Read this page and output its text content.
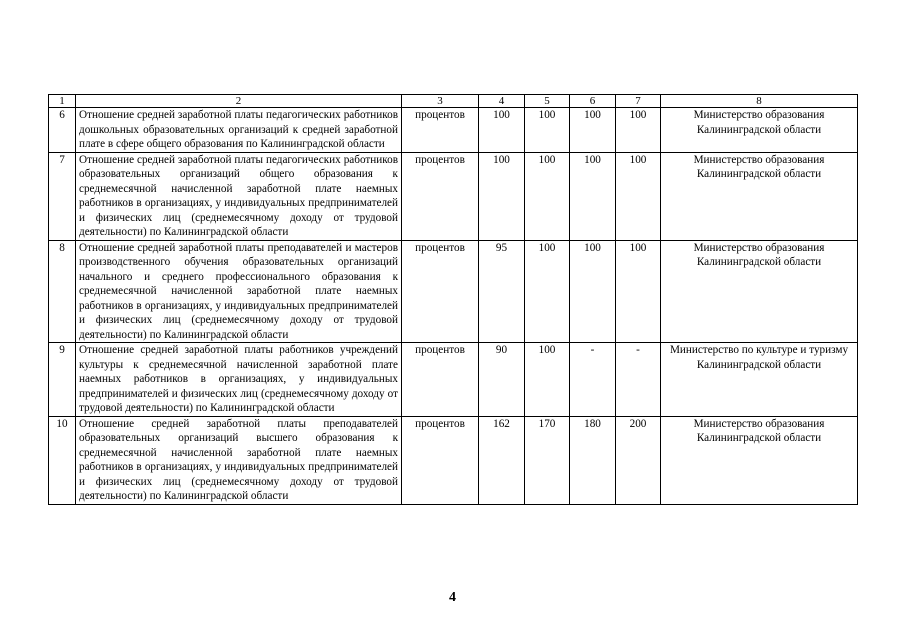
1	2	3	4	5	6	7	8
6	Отношение средней заработной платы педагогических работников дошкольных образовательных организаций к средней заработной плате в сфере общего образования по Калининградской области	процентов	100	100	100	100	Министерство образования Калининградской области
7	Отношение средней заработной платы педагогических работников образовательных организаций общего образования к среднемесячной начисленной заработной плате наемных работников в организациях, у индивидуальных предпринимателей и физических лиц (среднемесячному доходу от трудовой деятельности) по Калининградской области	процентов	100	100	100	100	Министерство образования Калининградской области
8	Отношение средней заработной платы преподавателей и мастеров производственного обучения образовательных организаций начального и среднего профессионального образования к среднемесячной начисленной заработной плате наемных работников в организациях, у индивидуальных предпринимателей и физических лиц (среднемесячному доходу от трудовой деятельности) по Калининградской области	процентов	95	100	100	100	Министерство образования Калининградской области
9	Отношение средней заработной платы работников учреждений культуры к среднемесячной начисленной заработной плате наемных работников в организациях, у индивидуальных предпринимателей и физических лиц (среднемесячному доходу от трудовой деятельности) по Калининградской области	процентов	90	100	-	-	Министерство по культуре и туризму Калининградской области
10	Отношение средней заработной платы преподавателей образовательных организаций высшего образования к среднемесячной начисленной заработной плате наемных работников в организациях, у индивидуальных предпринимателей и физических лиц (среднемесячному доходу от трудовой деятельности) по Калининградской области	процентов	162	170	180	200	Министерство образования Калининградской области
4
